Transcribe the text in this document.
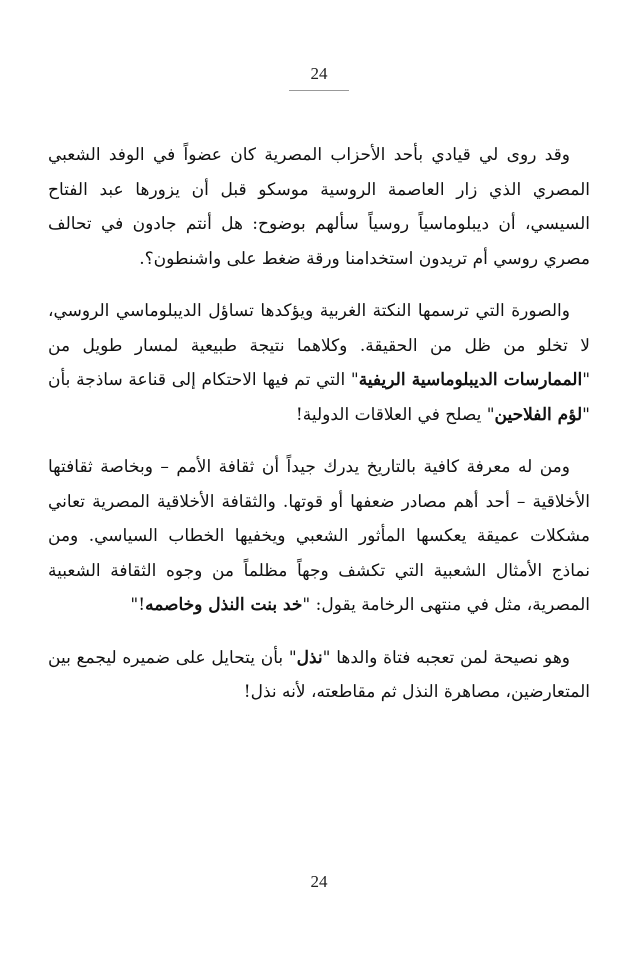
24

وقد روى لي قيادي بأحد الأحزاب المصرية كان عضواً في الوفد الشعبي المصري الذي زار العاصمة الروسية موسكو قبل أن يزورها عبد الفتاح السيسي، أن ديبلوماسياً روسياً سألهم بوضوح: هل أنتم جادون في تحالف مصري روسي أم تريدون استخدامنا ورقة ضغط على واشنطون؟.

والصورة التي ترسمها النكتة الغربية ويؤكدها تساؤل الديبلوماسي الروسي، لا تخلو من ظل من الحقيقة. وكلاهما نتيجة طبيعية لمسار طويل من "الممارسات الديبلوماسية الريفية" التي تم فيها الاحتكام إلى قناعة ساذجة بأن "لؤم الفلاحين" يصلح في العلاقات الدولية!

ومن له معرفة كافية بالتاريخ يدرك جيداً أن ثقافة الأمم – وبخاصة ثقافتها الأخلاقية – أحد أهم مصادر ضعفها أو قوتها. والثقافة الأخلاقية المصرية تعاني مشكلات عميقة يعكسها المأثور الشعبي ويخفيها الخطاب السياسي. ومن نماذج الأمثال الشعبية التي تكشف وجهاً مظلماً من وجوه الثقافة الشعبية المصرية، مثل في منتهى الرخامة يقول: "خد بنت النذل وخاصمه!"

وهو نصيحة لمن تعجبه فتاة والدها "نذل" بأن يتحايل على ضميره ليجمع بين المتعارضين، مصاهرة النذل ثم مقاطعته، لأنه نذل!

24
